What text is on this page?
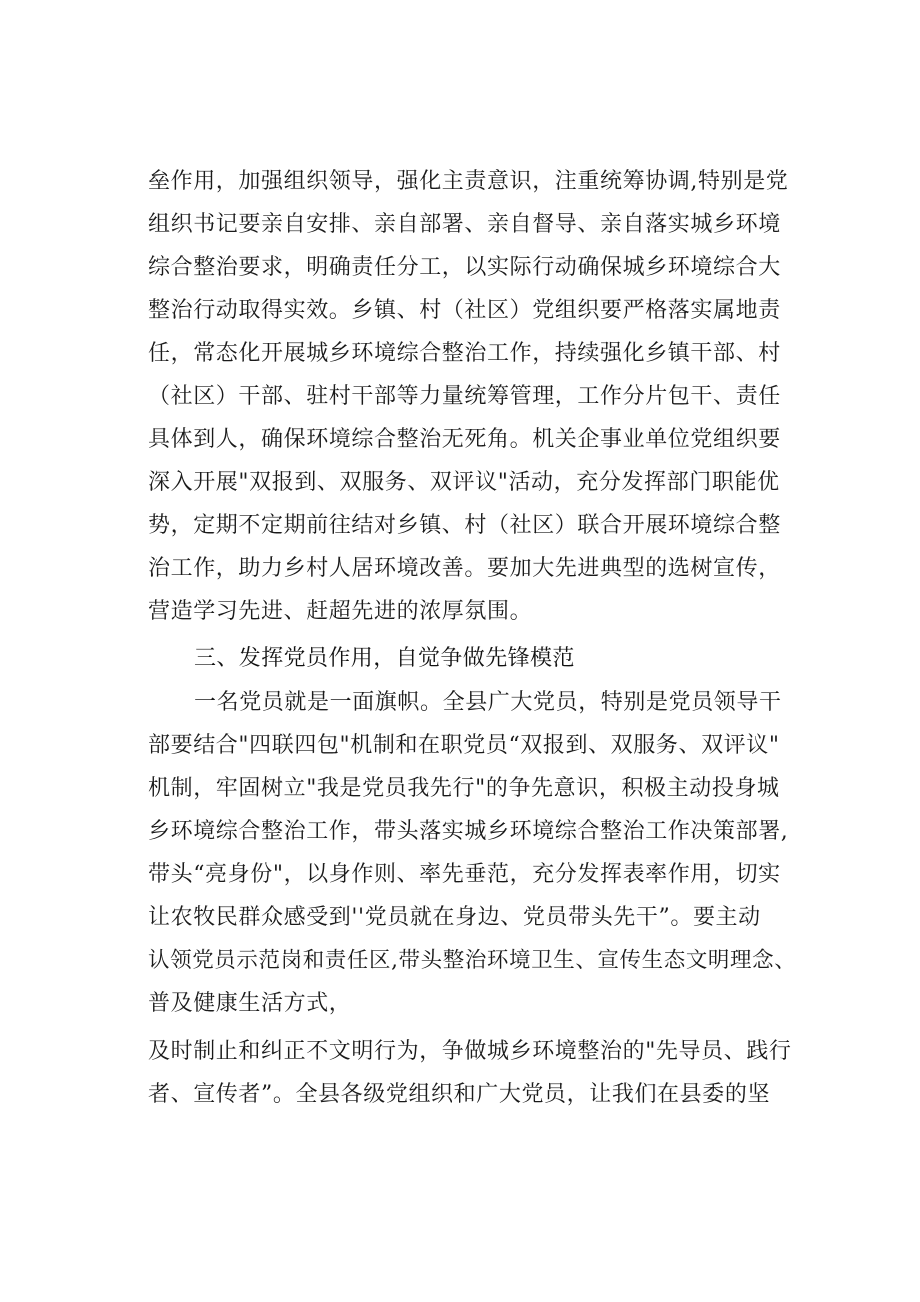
垒作用，加强组织领导，强化主责意识，注重统筹协调,特别是党
组织书记要亲自安排、亲自部署、亲自督导、亲自落实城乡环境
综合整治要求，明确责任分工，以实际行动确保城乡环境综合大
整治行动取得实效。乡镇、村（社区）党组织要严格落实属地责
任，常态化开展城乡环境综合整治工作，持续强化乡镇干部、村
（社区）干部、驻村干部等力量统筹管理，工作分片包干、责任
具体到人，确保环境综合整治无死角。机关企事业单位党组织要
深入开展"双报到、双服务、双评议"活动，充分发挥部门职能优
势，定期不定期前往结对乡镇、村（社区）联合开展环境综合整
治工作，助力乡村人居环境改善。要加大先进典型的选树宣传，
营造学习先进、赶超先进的浓厚氛围。
三、发挥党员作用，自觉争做先锋模范
一名党员就是一面旗帜。全县广大党员，特别是党员领导干
部要结合"四联四包"机制和在职党员“双报到、双服务、双评议"
机制，牢固树立"我是党员我先行"的争先意识，积极主动投身城
乡环境综合整治工作，带头落实城乡环境综合整治工作决策部署,
带头“亮身份"，以身作则、率先垂范，充分发挥表率作用，切实
让农牧民群众感受到''党员就在身边、党员带头先干”。要主动
认领党员示范岗和责任区,带头整治环境卫生、宣传生态文明理念、
普及健康生活方式，
及时制止和纠正不文明行为，争做城乡环境整治的"先导员、践行
者、宣传者”。全县各级党组织和广大党员，让我们在县委的坚
